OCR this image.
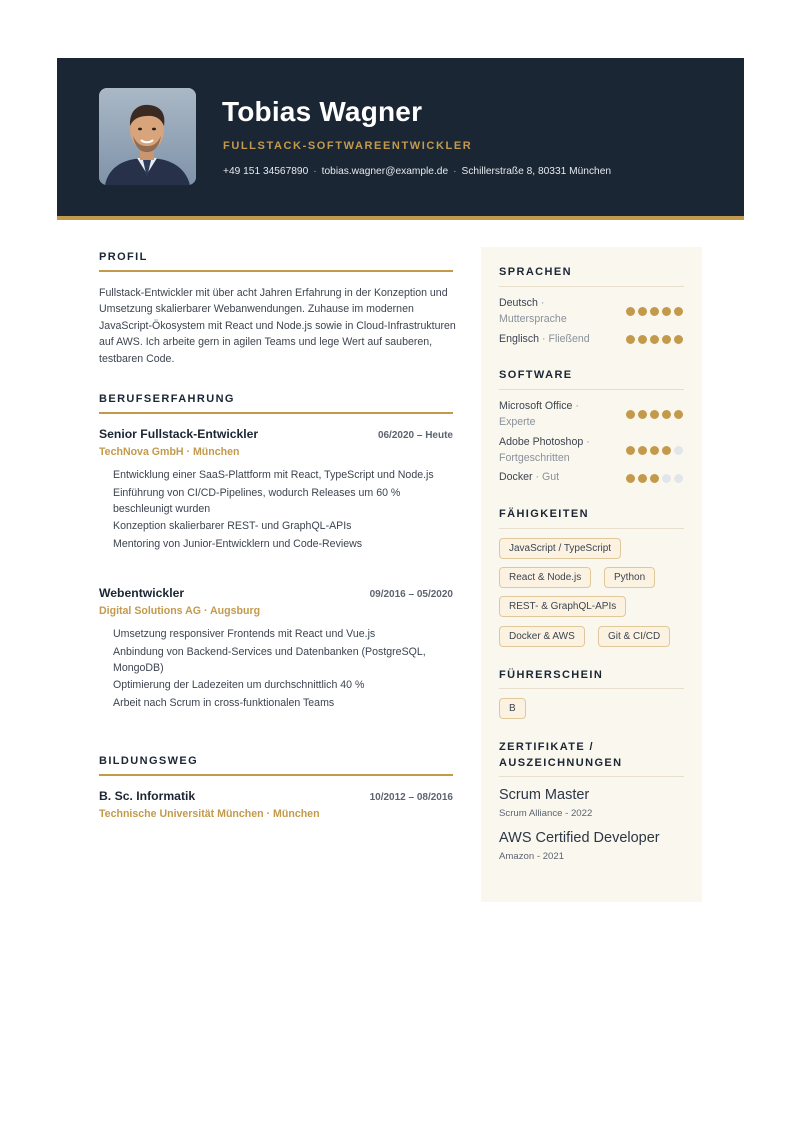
Tobias Wagner
FULLSTACK-SOFTWAREENTWICKLER
+49 151 34567890 · tobias.wagner@example.de · Schillerstraße 8, 80331 München
PROFIL
Fullstack-Entwickler mit über acht Jahren Erfahrung in der Konzeption und Umsetzung skalierbarer Webanwendungen. Zuhause im modernen JavaScript-Ökosystem mit React und Node.js sowie in Cloud-Infrastrukturen auf AWS. Ich arbeite gern in agilen Teams und lege Wert auf sauberen, testbaren Code.
BERUFSERFAHRUNG
Senior Fullstack-Entwickler	06/2020 – Heute
TechNova GmbH · München
Entwicklung einer SaaS-Plattform mit React, TypeScript und Node.js
Einführung von CI/CD-Pipelines, wodurch Releases um 60 % beschleunigt wurden
Konzeption skalierbarer REST- und GraphQL-APIs
Mentoring von Junior-Entwicklern und Code-Reviews
Webentwickler	09/2016 – 05/2020
Digital Solutions AG · Augsburg
Umsetzung responsiver Frontends mit React und Vue.js
Anbindung von Backend-Services und Datenbanken (PostgreSQL, MongoDB)
Optimierung der Ladezeiten um durchschnittlich 40 %
Arbeit nach Scrum in cross-funktionalen Teams
BILDUNGSWEG
B. Sc. Informatik	10/2012 – 08/2016
Technische Universität München · München
SPRACHEN
Deutsch · Muttersprache
Englisch · Fließend
SOFTWARE
Microsoft Office · Experte
Adobe Photoshop · Fortgeschritten
Docker · Gut
FÄHIGKEITEN
JavaScript / TypeScript
React & Node.js	Python
REST- & GraphQL-APIs
Docker & AWS	Git & CI/CD
FÜHRERSCHEIN
B
ZERTIFIKATE /
AUSZEICHNUNGEN
Scrum Master
Scrum Alliance - 2022
AWS Certified Developer
Amazon - 2021
